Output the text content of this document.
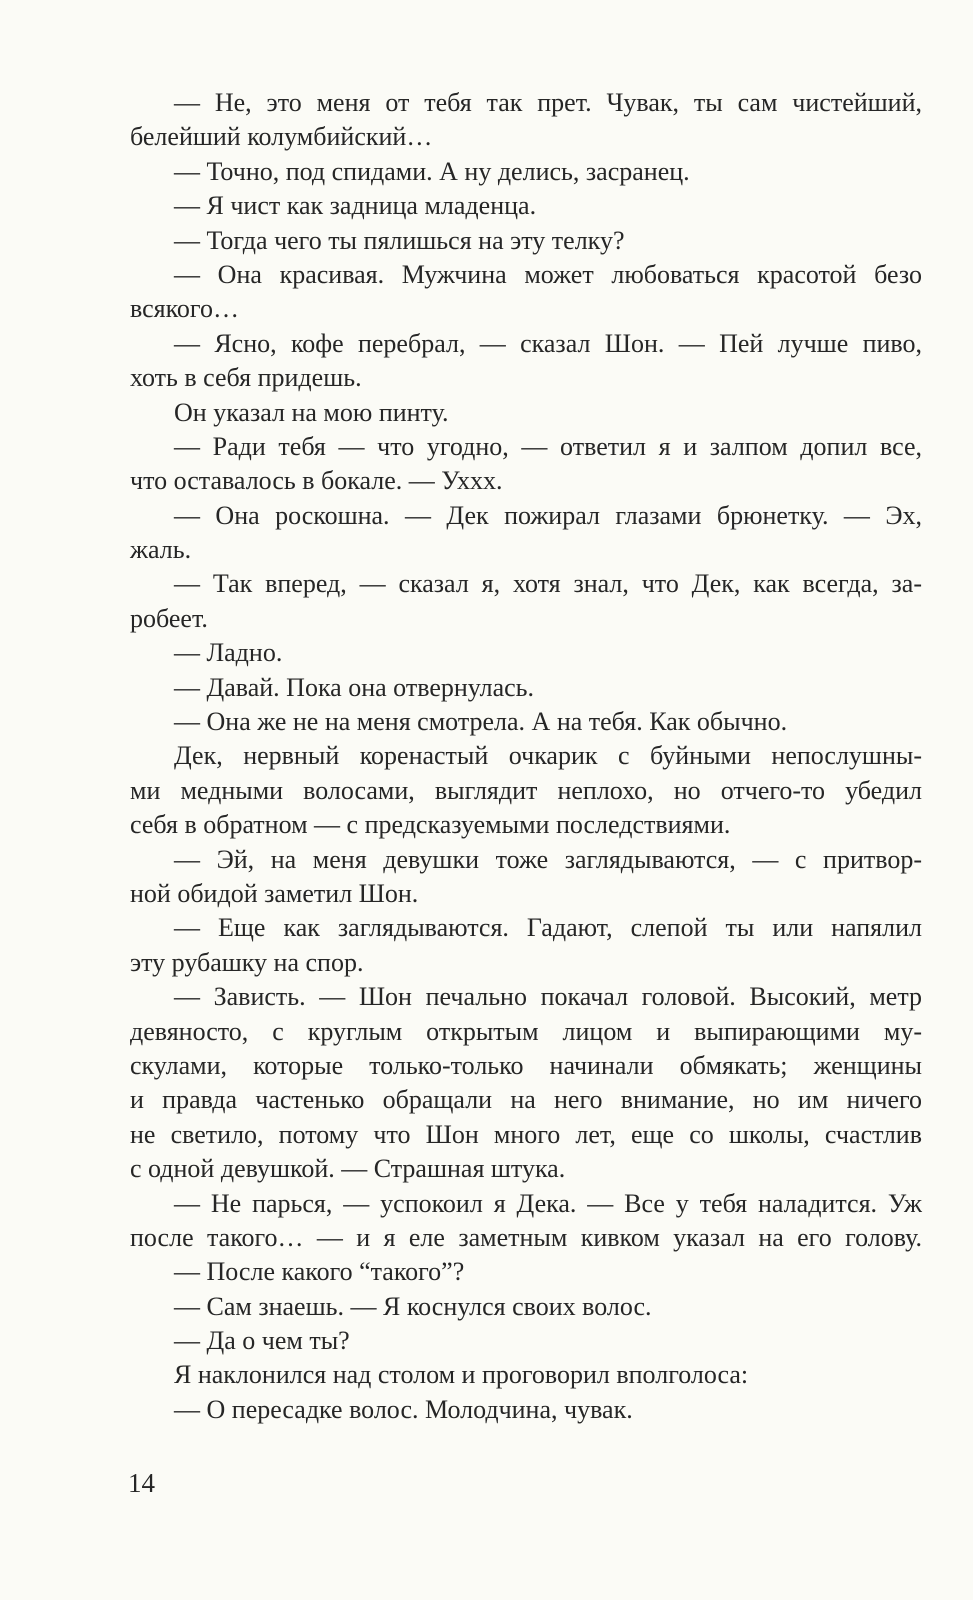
— Не, это меня от тебя так прет. Чувак, ты сам чистейший,
белейший колумбийский…
— Точно, под спидами. А ну делись, засранец.
— Я чист как задница младенца.
— Тогда чего ты пялишься на эту телку?
— Она красивая. Мужчина может любоваться красотой безо
всякого…
— Ясно, кофе перебрал, — сказал Шон. — Пей лучше пиво,
хоть в себя придешь.
Он указал на мою пинту.
— Ради тебя — что угодно, — ответил я и залпом допил все,
что оставалось в бокале. — Ухxx.
— Она роскошна. — Дек пожирал глазами брюнетку. — Эх,
жаль.
— Так вперед, — сказал я, хотя знал, что Дек, как всегда, за-
робеет.
— Ладно.
— Давай. Пока она отвернулась.
— Она же не на меня смотрела. А на тебя. Как обычно.
Дек, нервный коренастый очкарик с буйными непослушны-
ми медными волосами, выглядит неплохо, но отчего-то убедил
себя в обратном — с предсказуемыми последствиями.
— Эй, на меня девушки тоже заглядываются, — с притвор-
ной обидой заметил Шон.
— Еще как заглядываются. Гадают, слепой ты или напялил
эту рубашку на спор.
— Зависть. — Шон печально покачал головой. Высокий, метр
девяносто, с круглым открытым лицом и выпирающими му-
скулами, которые только-только начинали обмякать; женщины
и правда частенько обращали на него внимание, но им ничего
не светило, потому что Шон много лет, еще со школы, счастлив
с одной девушкой. — Страшная штука.
— Не парься, — успокоил я Дека. — Все у тебя наладится. Уж
после такого… — и я еле заметным кивком указал на его голову.
— После какого “такого”?
— Сам знаешь. — Я коснулся своих волос.
— Да о чем ты?
Я наклонился над столом и проговорил вполголоса:
— О пересадке волос. Молодчина, чувак.
14
